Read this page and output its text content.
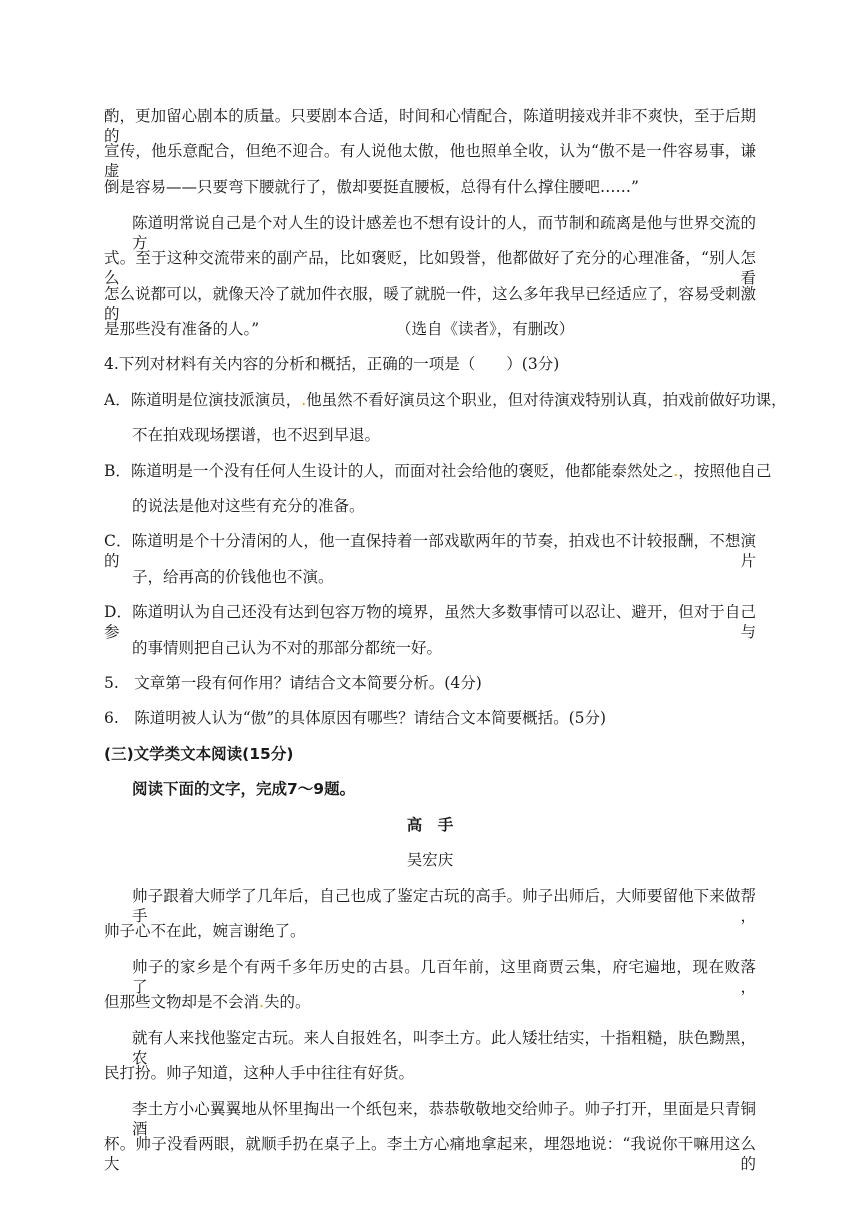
酌，更加留心剧本的质量。只要剧本合适，时间和心情配合，陈道明接戏并非不爽快，至于后期的
宣传，他乐意配合，但绝不迎合。有人说他太傲，他也照单全收，认为“傲不是一件容易事，谦虚
倒是容易——只要弯下腰就行了，傲却要挺直腰板，总得有什么撑住腰吧……”
陈道明常说自己是个对人生的设计感差也不想有设计的人，而节制和疏离是他与世界交流的方
式。至于这种交流带来的副产品，比如褒贬，比如毁誉，他都做好了充分的心理准备，“别人怎么看
怎么说都可以，就像天冷了就加件衣服，暖了就脱一件，这么多年我早已经适应了，容易受刺激的
是那些没有准备的人。”	（选自《读者》，有删改）
4.下列对材料有关内容的分析和概括，正确的一项是（　　）(3分)
A．陈道明是位演技派演员，.他虽然不看好演员这个职业，但对待演戏特别认真，拍戏前做好功课，
不在拍戏现场摆谱，也不迟到早退。
B．陈道明是一个没有任何人生设计的人，而面对社会给他的褒贬，他都能泰然处之.，按照他自己
的说法是他对这些有充分的准备。
C．陈道明是个十分清闲的人，他一直保持着一部戏歇两年的节奏，拍戏也不计较报酬，不想演的片
子，给再高的价钱他也不演。
D．陈道明认为自己还没有达到包容万物的境界，虽然大多数事情可以忍让、避开，但对于自己参与
的事情则把自己认为不对的那部分都统一好。
5.　文章第一段有何作用？请结合文本简要分析。(4分)
6.　陈道明被人认为“傲”的具体原因有哪些？请结合文本简要概括。(5分)
(三)文学类文本阅读(15分)
阅读下面的文字，完成7～9题。
高　手
吴宏庆
帅子跟着大师学了几年后，自己也成了鉴定古玩的高手。帅子出师后，大师要留他下来做帮手，
帅子心不在此，婉言谢绝了。
帅子的家乡是个有两千多年历史的古县。几百年前，这里商贾云集，府宅遍地，现在败落了，
但那些文物却是不会消.失的。
就有人来找他鉴定古玩。来人自报姓名，叫李土方。此人矮壮结实，十指粗糙，肤色黝黑，农
民打扮。帅子知道，这种人手中往往有好货。
李土方小心翼翼地从怀里掏出一个纸包来，恭恭敬敬地交给帅子。帅子打开，里面是只青铜酒
杯。帅子没看两眼，就顺手扔在桌子上。李土方心痛地拿起来，埋怨地说：“我说你干嘛用这么大的
